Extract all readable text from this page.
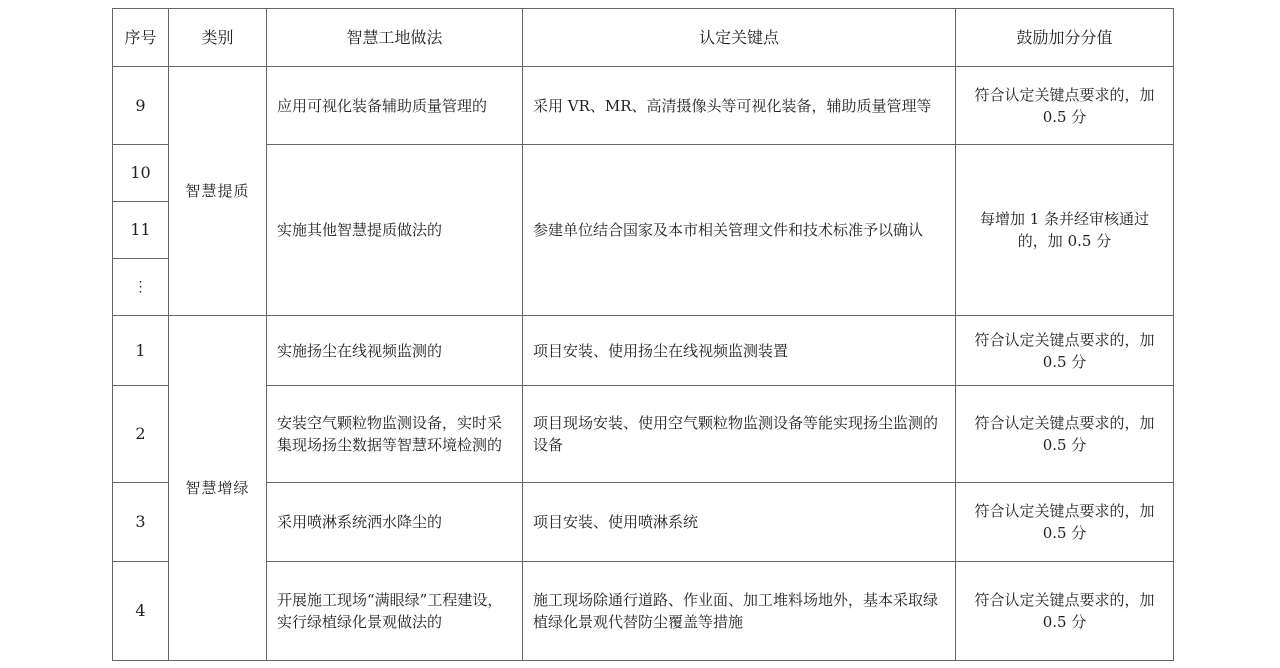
序号	类别	智慧工地做法	认定关键点	鼓励加分分值
9	智慧提质	应用可视化装备辅助质量管理的	采用 VR、MR、高清摄像头等可视化装备，辅助质量管理等	符合认定关键点要求的，加 0.5 分
10		实施其他智慧提质做法的	参建单位结合国家及本市相关管理文件和技术标准予以确认	每增加 1 条并经审核通过的，加 0.5 分
11				
⋮				
1	智慧增绿	实施扬尘在线视频监测的	项目安装、使用扬尘在线视频监测装置	符合认定关键点要求的，加 0.5 分
2		安装空气颗粒物监测设备，实时采集现场扬尘数据等智慧环境检测的	项目现场安装、使用空气颗粒物监测设备等能实现扬尘监测的设备	符合认定关键点要求的，加 0.5 分
3		采用喷淋系统洒水降尘的	项目安装、使用喷淋系统	符合认定关键点要求的，加 0.5 分
4		开展施工现场“满眼绿”工程建设，实行绿植绿化景观做法的	施工现场除通行道路、作业面、加工堆料场地外，基本采取绿植绿化景观代替防尘覆盖等措施	符合认定关键点要求的，加 0.5 分
